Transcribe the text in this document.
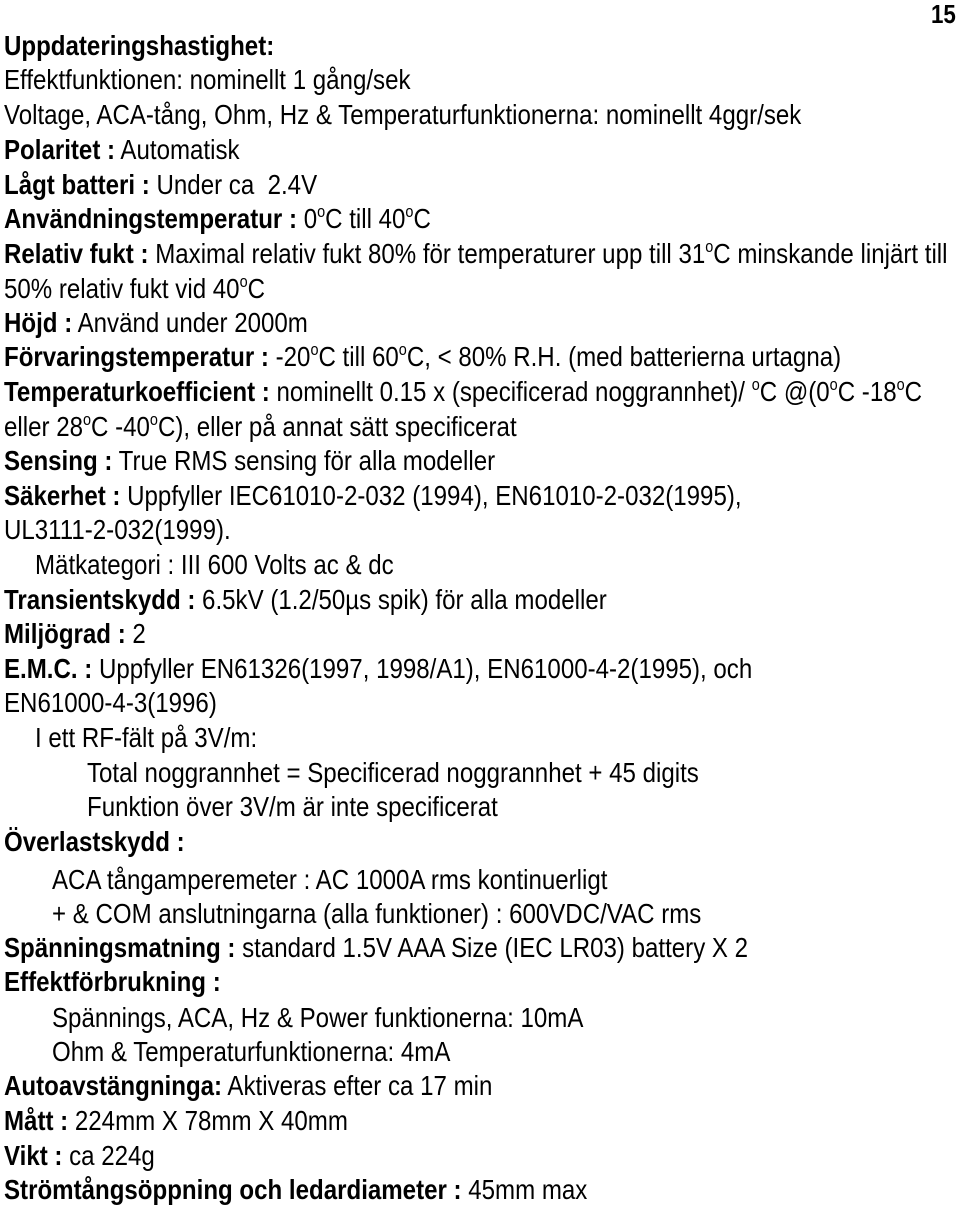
15
Uppdateringshastighet:
Effektfunktionen: nominellt 1 gång/sek
Voltage, ACA-tång, Ohm, Hz & Temperaturfunktionerna: nominellt 4ggr/sek
Polaritet : Automatisk
Lågt batteri : Under ca  2.4V
Användningstemperatur : 0$^o$C till 40$^o$C
Relativ fukt : Maximal relativ fukt 80% för temperaturer upp till 31$^o$C minskande linjärt till
50% relativ fukt vid 40$^o$C
Höjd : Använd under 2000m
Förvaringstemperatur : -20$^o$C till $60^oC$, < 80% R.H. (med batterierna urtagna)
Temperaturkoefficient : nominellt 0.15 x (specificerad noggrannhet)/ $^o$C @(0$^o$C -18$^o$C
eller 28$^o$C -40$^o$C), eller på annat sätt specificerat
Sensing : True RMS sensing för alla modeller
Säkerhet : Uppfyller IEC61010-2-032 (1994), EN61010-2-032(1995),
UL3111-2-032(1999).
Mätkategori : III 600 Volts ac & dc
Transientskydd : 6.5kV (1.2/50µs spik) för alla modeller
Miljögrad : 2
E.M.C. : Uppfyller EN61326(1997, 1998/A1), EN61000-4-2(1995), och
EN61000-4-3(1996)
I ett RF-fält på 3V/m:
Total noggrannhet = Specificerad noggrannhet + 45 digits
Funktion över 3V/m är inte specificerat
Överlastskydd :
ACA tångamperemeter : AC 1000A rms kontinuerligt
+ & COM anslutningarna (alla funktioner) : 600VDC/VAC rms
Spänningsmatning : standard 1.5V AAA Size (IEC LR03) battery X 2
Effektförbrukning :
Spännings, ACA, Hz & Power funktionerna: 10mA
Ohm & Temperaturfunktionerna: 4mA
Autoavstängninga: Aktiveras efter ca 17 min
Mått : 224mm X 78mm X 40mm
Vikt : ca 224g
Strömtångsöppning och ledardiameter : 45mm max
